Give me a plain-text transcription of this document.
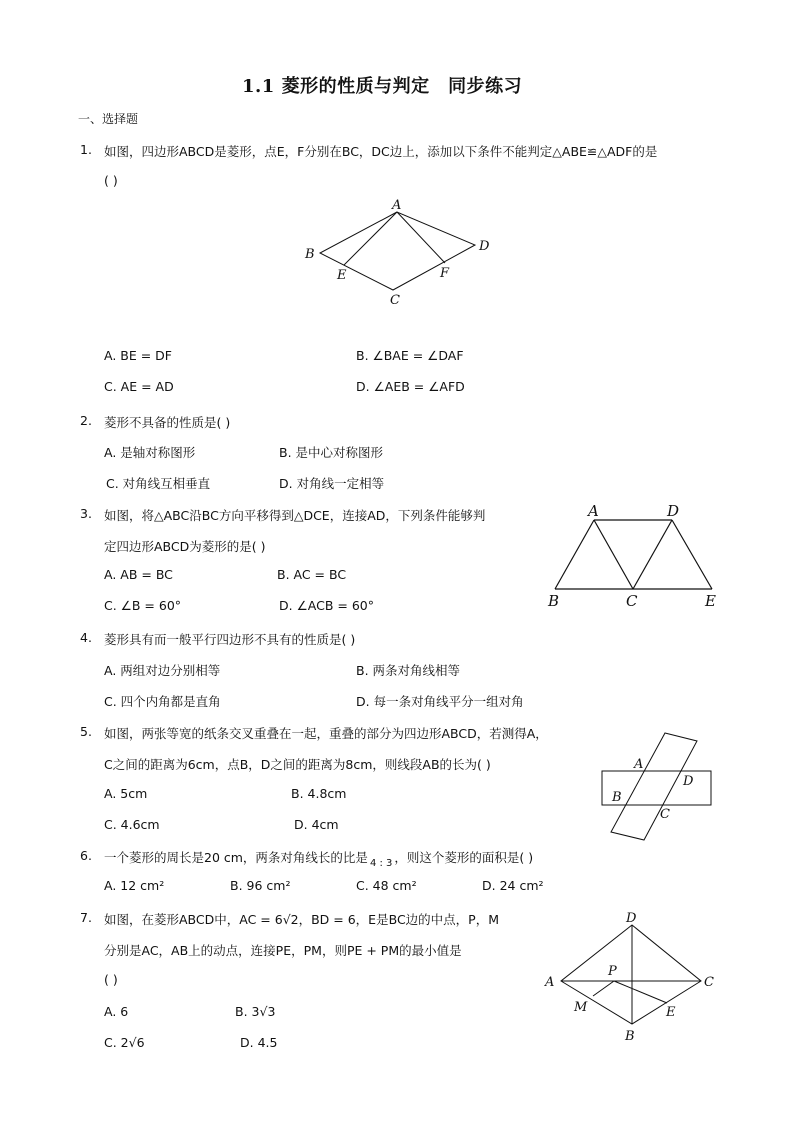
1.1 菱形的性质与判定　同步练习
一、选择题
1. 如图，四边形ABCD是菱形，点E，F分别在BC，DC边上，添加以下条件不能判定△ABE≌△ADF的是
( )
A
B
C
D
E	F
A. BE = DF	B. ∠BAE = ∠DAF
C. AE = AD	D. ∠AEB = ∠AFD
2. 菱形不具备的性质是( )
A. 是轴对称图形	B. 是中心对称图形
C. 对角线互相垂直	D. 对角线一定相等
3. 如图，将△ABC沿BC方向平移得到△DCE，连接AD，下列条件能够判
定四边形ABCD为菱形的是( )
A	D
B	C	E
A. AB = BC	B. AC = BC
C. ∠B = 60°	D. ∠ACB = 60°
4. 菱形具有而一般平行四边形不具有的性质是( )
A. 两组对边分别相等	B. 两条对角线相等
C. 四个内角都是直角	D. 每一条对角线平分一组对角
5. 如图，两张等宽的纸条交叉重叠在一起，重叠的部分为四边形ABCD，若测得A，
C之间的距离为6cm，点B，D之间的距离为8cm，则线段AB的长为( )	A
B
C
D
A. 5cm	B. 4.8cm
C. 4.6cm	D. 4cm
6. 一个菱形的周长是20 cm，两条对角线长的比是 $_{4 : 3}$ ，则这个菱形的面积是( )
A. 12 cm²	B. 96 cm²	C. 48 cm²	D. 24 cm²
7. 如图，在菱形ABCD中，AC = 6√2，BD = 6，E是BC边的中点，P，M
分别是AC，AB上的动点，连接PE，PM，则PE + PM的最小值是
( )
D
A	C
P
M	E
B
A. 6	B. 3√3
C. 2√6	D. 4.5
